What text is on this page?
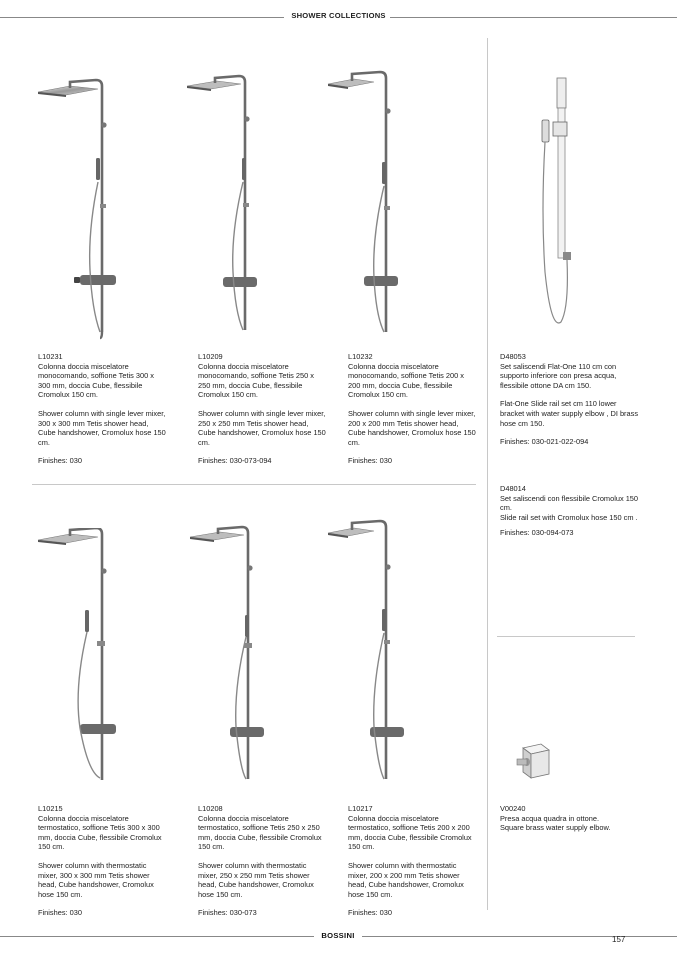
SHOWER COLLECTIONS
L10231
Colonna doccia miscelatore monocomando, soffione Tetis 300 x 300 mm, doccia Cube, flessibile Cromolux 150 cm.
Shower column with single lever mixer, 300 x 300 mm Tetis shower head, Cube handshower, Cromolux hose 150 cm.
Finishes: 030
L10209
Colonna doccia miscelatore monocomando, soffione Tetis 250 x 250 mm, doccia Cube, flessibile Cromolux 150 cm.
Shower column with single lever mixer, 250 x 250 mm Tetis shower head, Cube handshower, Cromolux hose 150 cm.
Finishes: 030-073-094
L10232
Colonna doccia miscelatore monocomando, soffione Tetis 200 x 200 mm, doccia Cube, flessibile Cromolux 150 cm.
Shower column with single lever mixer, 200 x 200 mm Tetis shower head, Cube handshower, Cromolux hose 150 cm.
Finishes: 030
D48053
Set saliscendi Flat-One 110 cm con supporto inferiore con presa acqua, flessibile ottone DA cm 150.
Flat-One Slide rail set cm 110 lower bracket with water supply elbow , DI brass hose cm 150.
Finishes: 030-021-022-094
D48014
Set saliscendi con flessibile Cromolux 150 cm.
Slide rail set with Cromolux hose 150 cm .
Finishes: 030-094-073
L10215
Colonna doccia miscelatore termostatico, soffione Tetis 300 x 300 mm, doccia Cube, flessibile Cromolux 150 cm.
Shower column with thermostatic mixer, 300 x 300 mm Tetis shower head, Cube handshower, Cromolux hose 150 cm.
Finishes: 030
L10208
Colonna doccia miscelatore termostatico, soffione Tetis 250 x 250 mm, doccia Cube, flessibile Cromolux 150 cm.
Shower column with thermostatic mixer, 250 x 250 mm Tetis shower head, Cube handshower, Cromolux hose 150 cm.
Finishes: 030-073
L10217
Colonna doccia miscelatore termostatico, soffione Tetis 200 x 200 mm, doccia Cube, flessibile Cromolux 150 cm.
Shower column with thermostatic mixer, 200 x 200 mm Tetis shower head, Cube handshower, Cromolux hose 150 cm.
Finishes: 030
V00240
Presa acqua quadra in ottone.
Square brass water supply elbow.
BOSSINI	157
